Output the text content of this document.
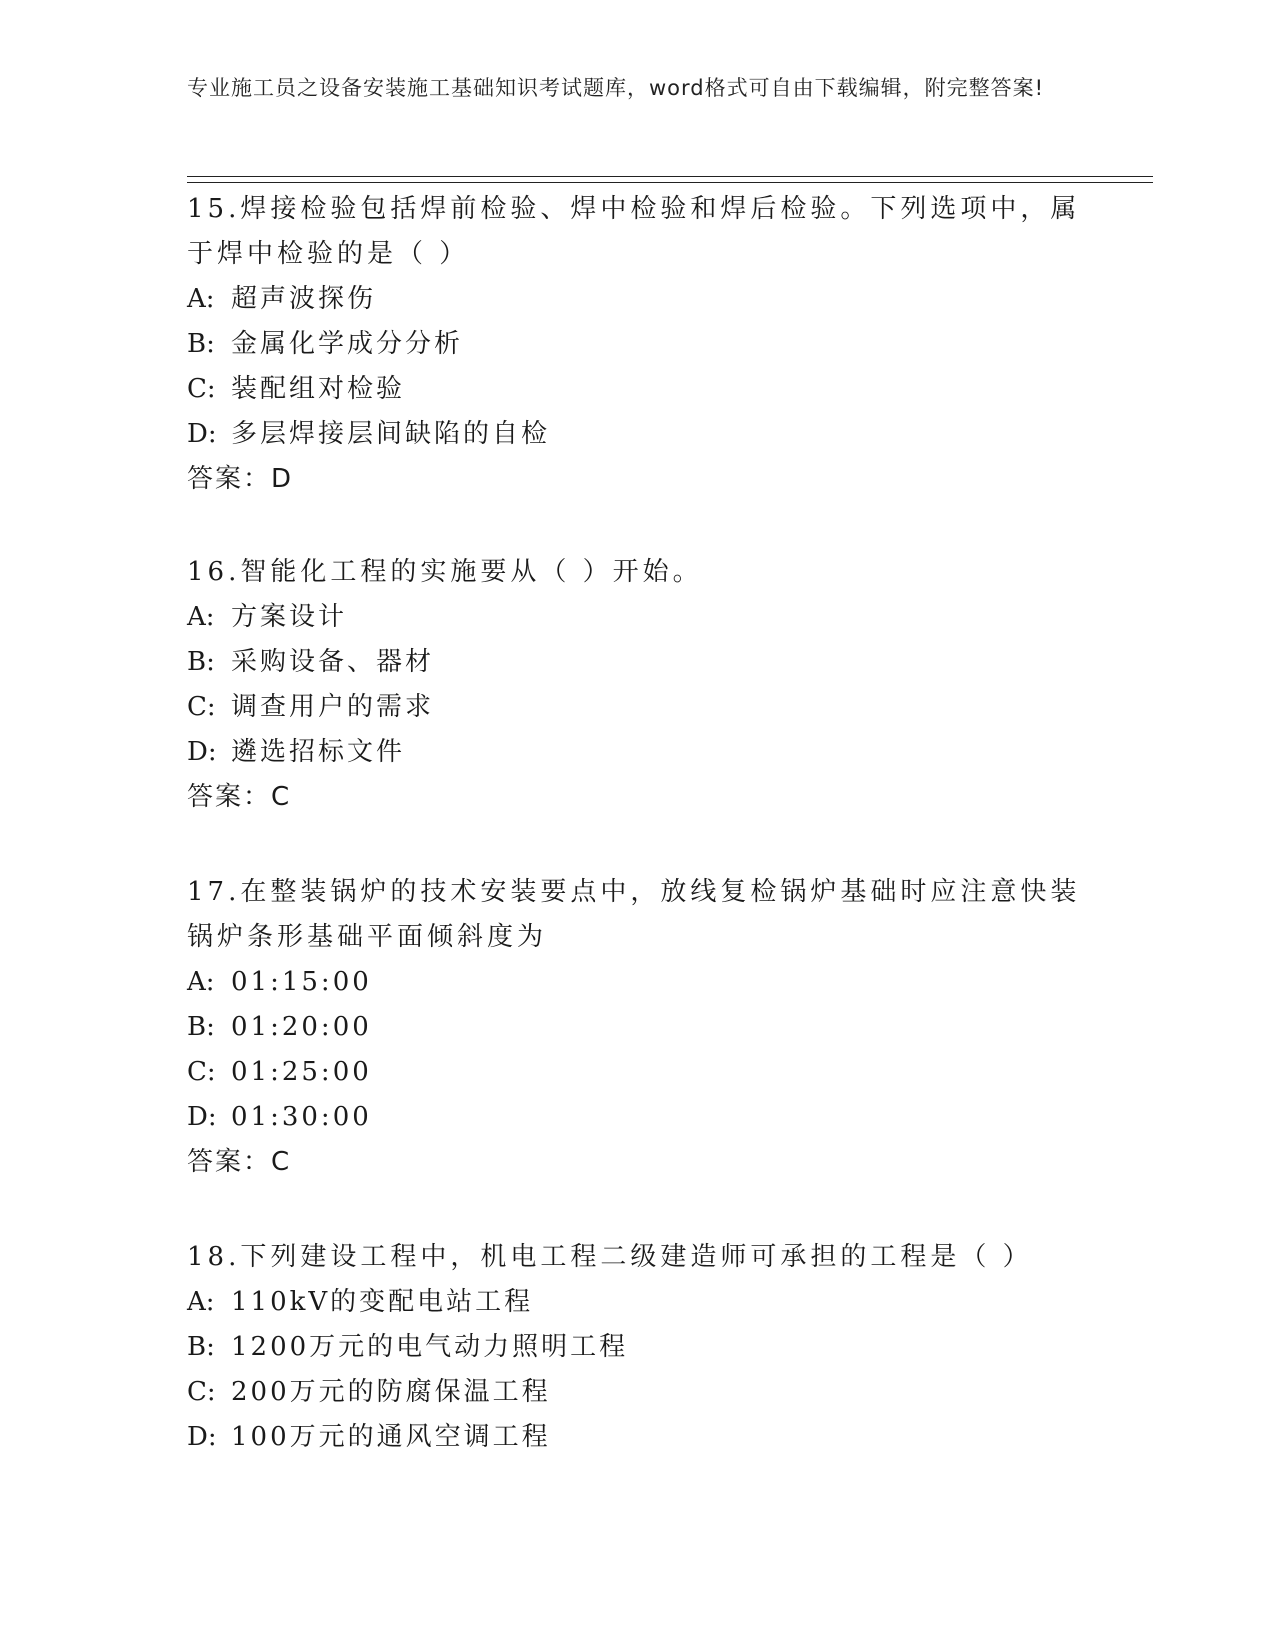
专业施工员之设备安装施工基础知识考试题库，word格式可自由下载编辑，附完整答案!

15.焊接检验包括焊前检验、焊中检验和焊后检验。下列选项中，属于焊中检验的是（ ）

A: 超声波探伤

B: 金属化学成分分析

C: 装配组对检验

D: 多层焊接层间缺陷的自检

答案：D

16.智能化工程的实施要从（ ）开始。

A: 方案设计

B: 采购设备、器材

C: 调查用户的需求

D: 遴选招标文件

答案：C

17.在整装锅炉的技术安装要点中，放线复检锅炉基础时应注意快装锅炉条形基础平面倾斜度为

A: 01:15:00

B: 01:20:00

C: 01:25:00

D: 01:30:00

答案：C

18.下列建设工程中，机电工程二级建造师可承担的工程是（ ）

A: 110kV的变配电站工程

B: 1200万元的电气动力照明工程

C: 200万元的防腐保温工程

D: 100万元的通风空调工程
